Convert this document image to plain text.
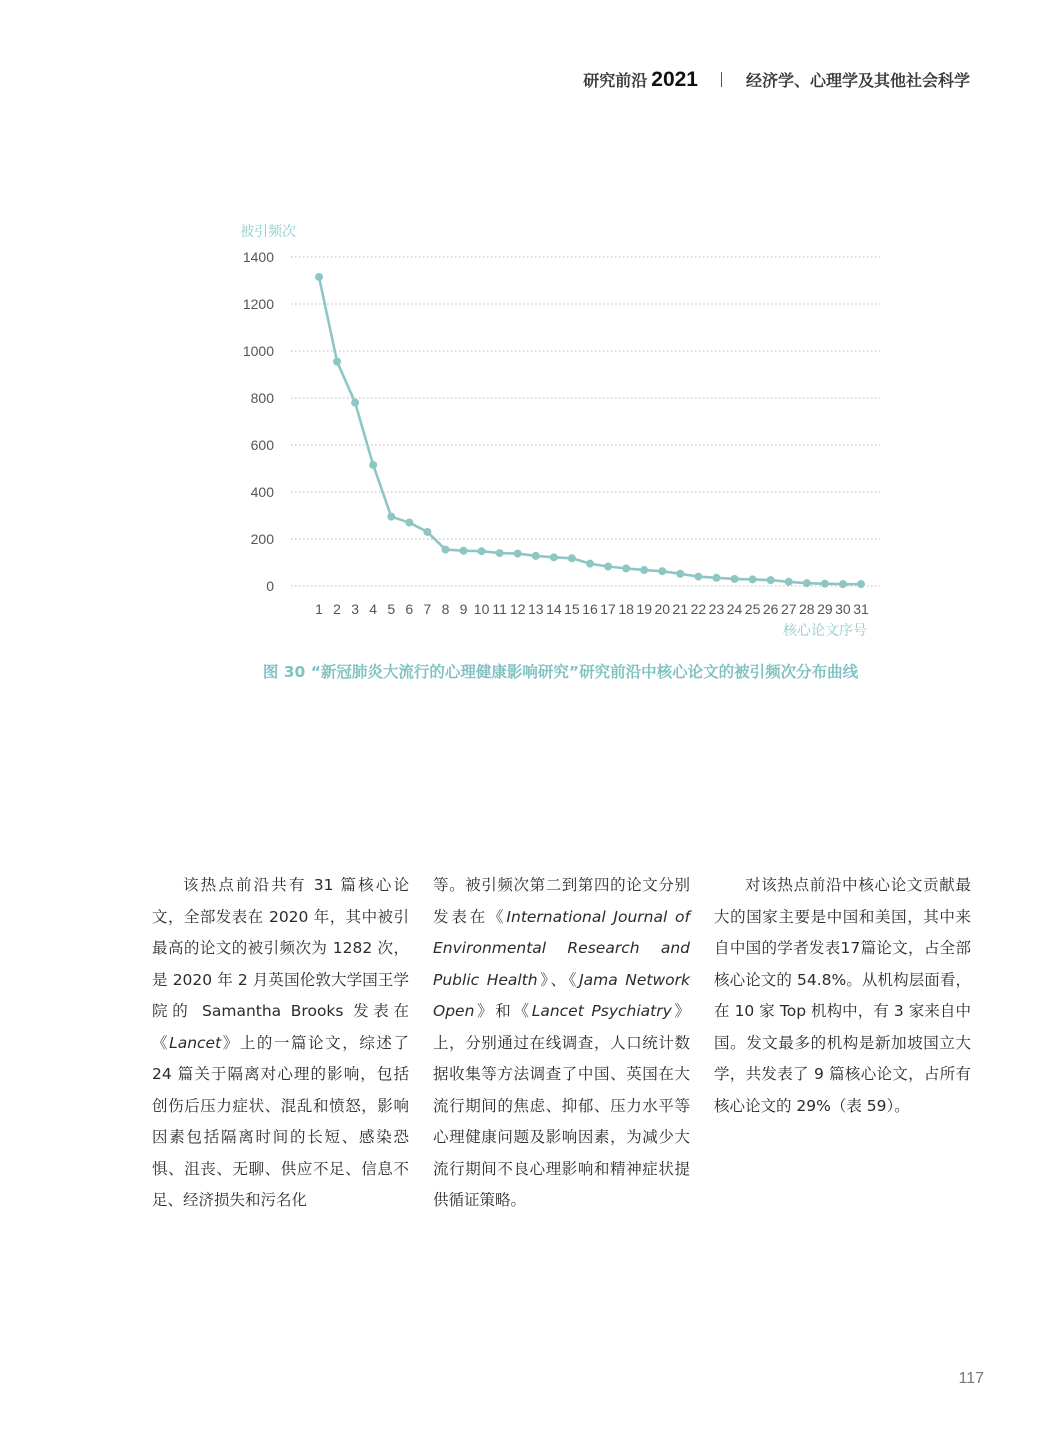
研究前沿 2021	经济学、心理学及其他社会科学
0
200
400
600
800
1000
1200
1400
1 2 3 4 5 6 7 8 9 10 11 12 13 14 15 16 17 18 19 20 21 22 23 24 25 26 27 28 29 30 31
被引频次
核心论文序号
图 30 “新冠肺炎大流行的心理健康影响研究”研究前沿中核心论文的被引频次分布曲线

该热点前沿共有 31 篇核心论文，全部发表在 2020 年，其中被引最高的论文的被引频次为 1282 次，是 2020 年 2 月英国伦敦大学国王学院的 Samantha Brooks 发表在《Lancet》上的一篇论文，综述了 24 篇关于隔离对心理的影响，包括创伤后压力症状、混乱和愤怒，影响因素包括隔离时间的长短、感染恐惧、沮丧、无聊、供应不足、信息不足、经济损失和污名化

等。被引频次第二到第四的论文分别发表在《International Journal of Environmental Research and Public Health》、《Jama Network Open》和《Lancet Psychiatry》上，分别通过在线调查，人口统计数据收集等方法调查了中国、英国在大流行期间的焦虑、抑郁、压力水平等心理健康问题及影响因素，为减少大流行期间不良心理影响和精神症状提供循证策略。

对该热点前沿中核心论文贡献最大的国家主要是中国和美国，其中来自中国的学者发表17篇论文，占全部核心论文的 54.8%。从机构层面看，在 10 家 Top 机构中，有 3 家来自中国。发文最多的机构是新加坡国立大学，共发表了 9 篇核心论文，占所有核心论文的 29%（表 59）。

117
